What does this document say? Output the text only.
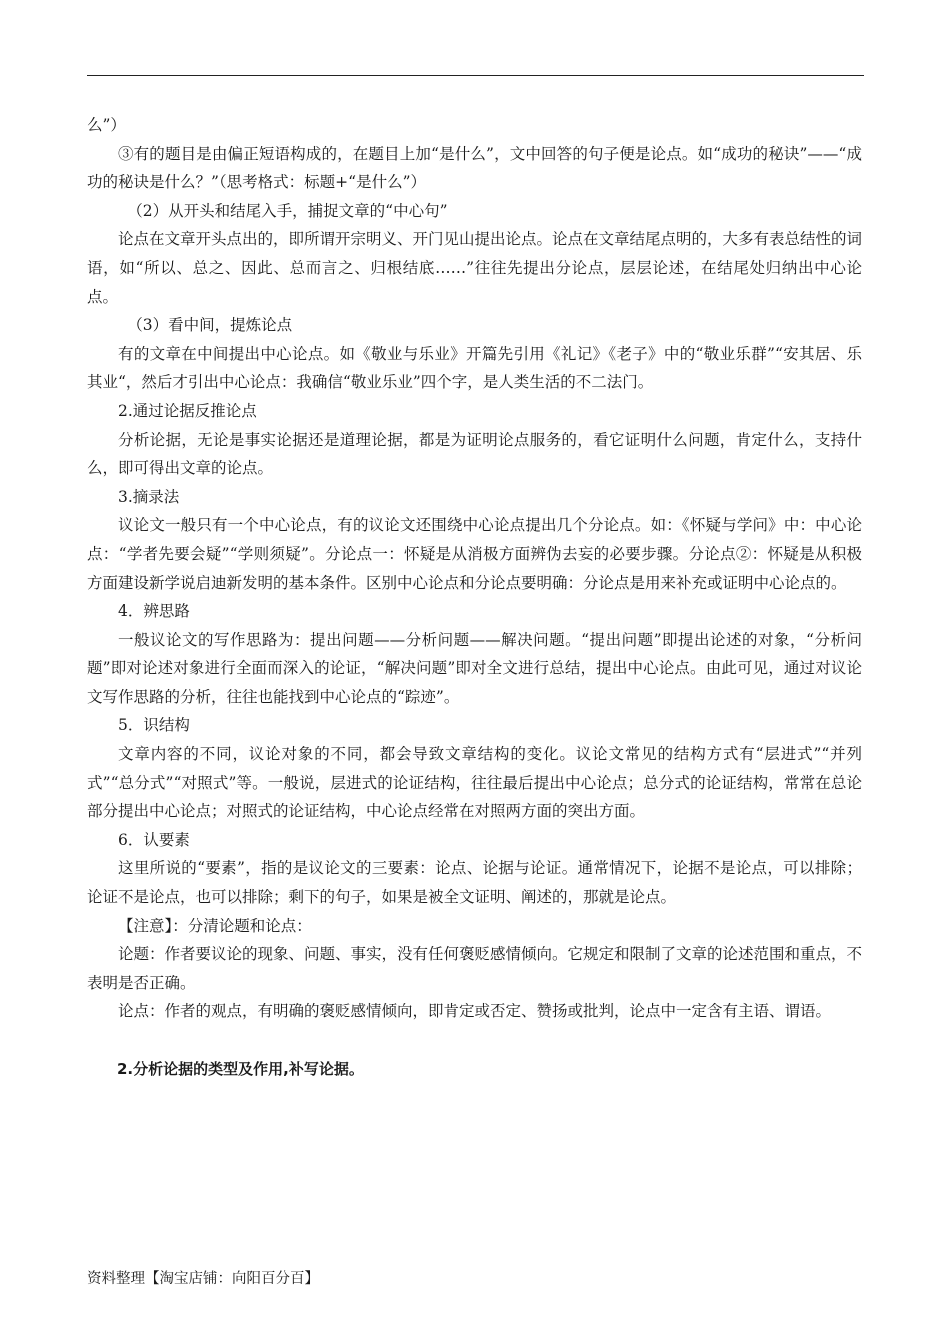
么”）

③有的题目是由偏正短语构成的，在题目上加“是什么”，文中回答的句子便是论点。如“成功的秘诀”——“成功的秘诀是什么？”（思考格式：标题+“是什么”）

（2）从开头和结尾入手，捕捉文章的“中心句”

论点在文章开头点出的，即所谓开宗明义、开门见山提出论点。论点在文章结尾点明的，大多有表总结性的词语，如“所以、总之、因此、总而言之、归根结底……”往往先提出分论点，层层论述，在结尾处归纳出中心论点。

（3）看中间，提炼论点

有的文章在中间提出中心论点。如《敬业与乐业》开篇先引用《礼记》《老子》中的“敬业乐群”“安其居、乐其业“，然后才引出中心论点：我确信“敬业乐业”四个字，是人类生活的不二法门。

2.通过论据反推论点

分析论据，无论是事实论据还是道理论据，都是为证明论点服务的，看它证明什么问题，肯定什么，支持什么，即可得出文章的论点。

3.摘录法

议论文一般只有一个中心论点，有的议论文还围绕中心论点提出几个分论点。如：《怀疑与学问》中：中心论点：“学者先要会疑”“学则须疑”。分论点一：怀疑是从消极方面辨伪去妄的必要步骤。分论点②：怀疑是从积极方面建设新学说启迪新发明的基本条件。区别中心论点和分论点要明确：分论点是用来补充或证明中心论点的。

4．辨思路

一般议论文的写作思路为：提出问题——分析问题——解决问题。“提出问题”即提出论述的对象，“分析问题”即对论述对象进行全面而深入的论证，“解决问题”即对全文进行总结，提出中心论点。由此可见，通过对议论文写作思路的分析，往往也能找到中心论点的“踪迹”。

5．识结构

文章内容的不同，议论对象的不同，都会导致文章结构的变化。议论文常见的结构方式有“层进式”“并列式”“总分式”“对照式”等。一般说，层进式的论证结构，往往最后提出中心论点；总分式的论证结构，常常在总论部分提出中心论点；对照式的论证结构，中心论点经常在对照两方面的突出方面。

6．认要素

这里所说的“要素”，指的是议论文的三要素：论点、论据与论证。通常情况下，论据不是论点，可以排除；论证不是论点，也可以排除；剩下的句子，如果是被全文证明、阐述的，那就是论点。

【注意】：分清论题和论点：

论题：作者要议论的现象、问题、事实，没有任何褒贬感情倾向。它规定和限制了文章的论述范围和重点，不表明是否正确。

论点：作者的观点，有明确的褒贬感情倾向，即肯定或否定、赞扬或批判，论点中一定含有主语、谓语。

2.分析论据的类型及作用,补写论据。

资料整理【淘宝店铺：向阳百分百】
